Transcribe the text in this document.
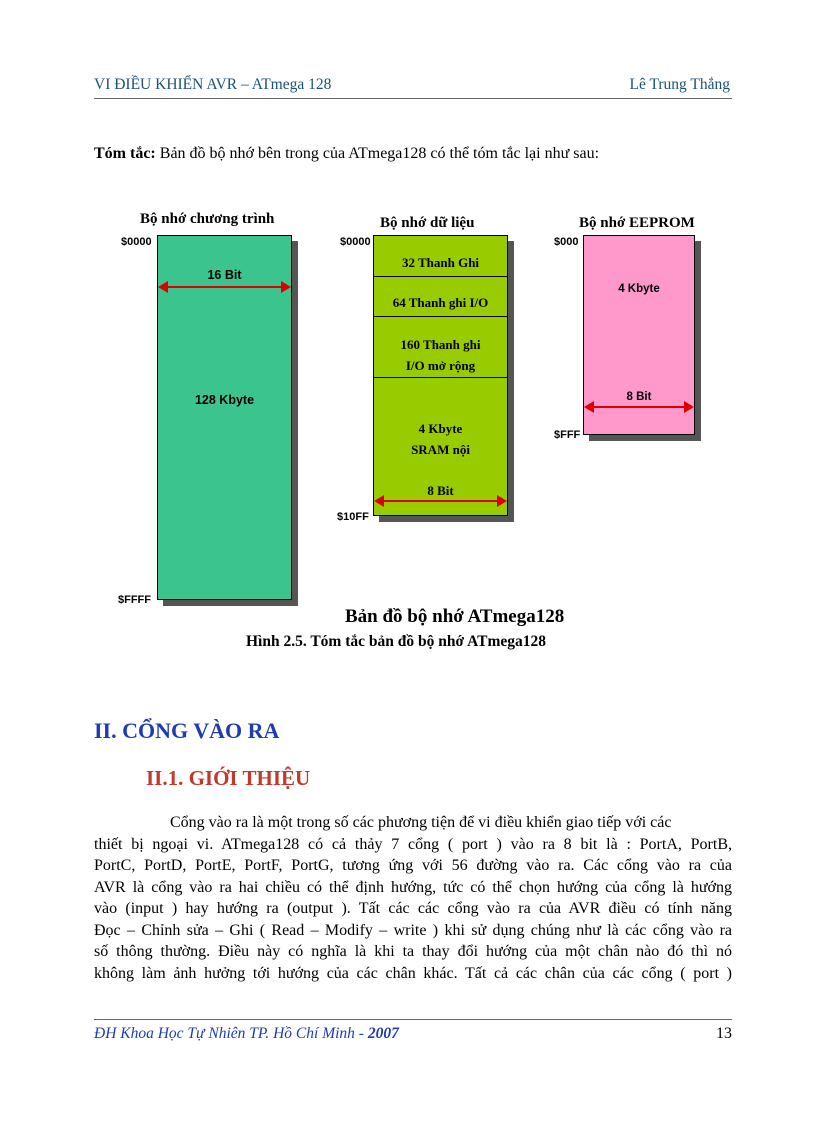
VI ĐIỀU KHIỂN AVR – ATmega 128	Lê Trung Thắng
Tóm tắc: Bản đồ bộ nhớ bên trong của ATmega128 có thể tóm tắc lại như sau:
Bộ nhớ chương trình
$0000
$FFFF
16 Bit
128 Kbyte
Bộ nhớ dữ liệu
$0000
$10FF
32 Thanh Ghi
64 Thanh ghi I/O
160 Thanh ghi
I/O mở rộng
4 Kbyte
SRAM nội
8 Bit
Bộ nhớ EEPROM
$000
$FFF
4 Kbyte
8 Bit
Bản đồ bộ nhớ ATmega128
Hình 2.5. Tóm tắc bản đồ bộ nhớ ATmega128
II. CỔNG VÀO RA
II.1. GIỚI THIỆU
Cổng vào ra là một trong số các phương tiện để vi điều khiển giao tiếp với các
thiết bị ngoại vi. ATmega128 có cả thảy 7 cổng ( port ) vào ra 8 bit là : PortA, PortB,
PortC, PortD, PortE, PortF, PortG, tương ứng với 56 đường vào ra. Các cổng vào ra của
AVR là cổng vào ra hai chiều có thể định hướng, tức có thể chọn hướng của cổng là hướng
vào (input ) hay hướng ra (output ). Tất các các cổng vào ra của AVR điều có tính năng
Đọc – Chỉnh sửa – Ghi ( Read – Modify – write ) khi sử dụng chúng như là các cổng vào ra
số thông thường. Điều này có nghĩa là khi ta thay đổi hướng của một chân nào đó thì nó
không làm ảnh hưởng tới hướng của các chân khác. Tất cả các chân của các cổng ( port )
ĐH Khoa Học Tự Nhiên TP. Hồ Chí Minh - 2007	13
